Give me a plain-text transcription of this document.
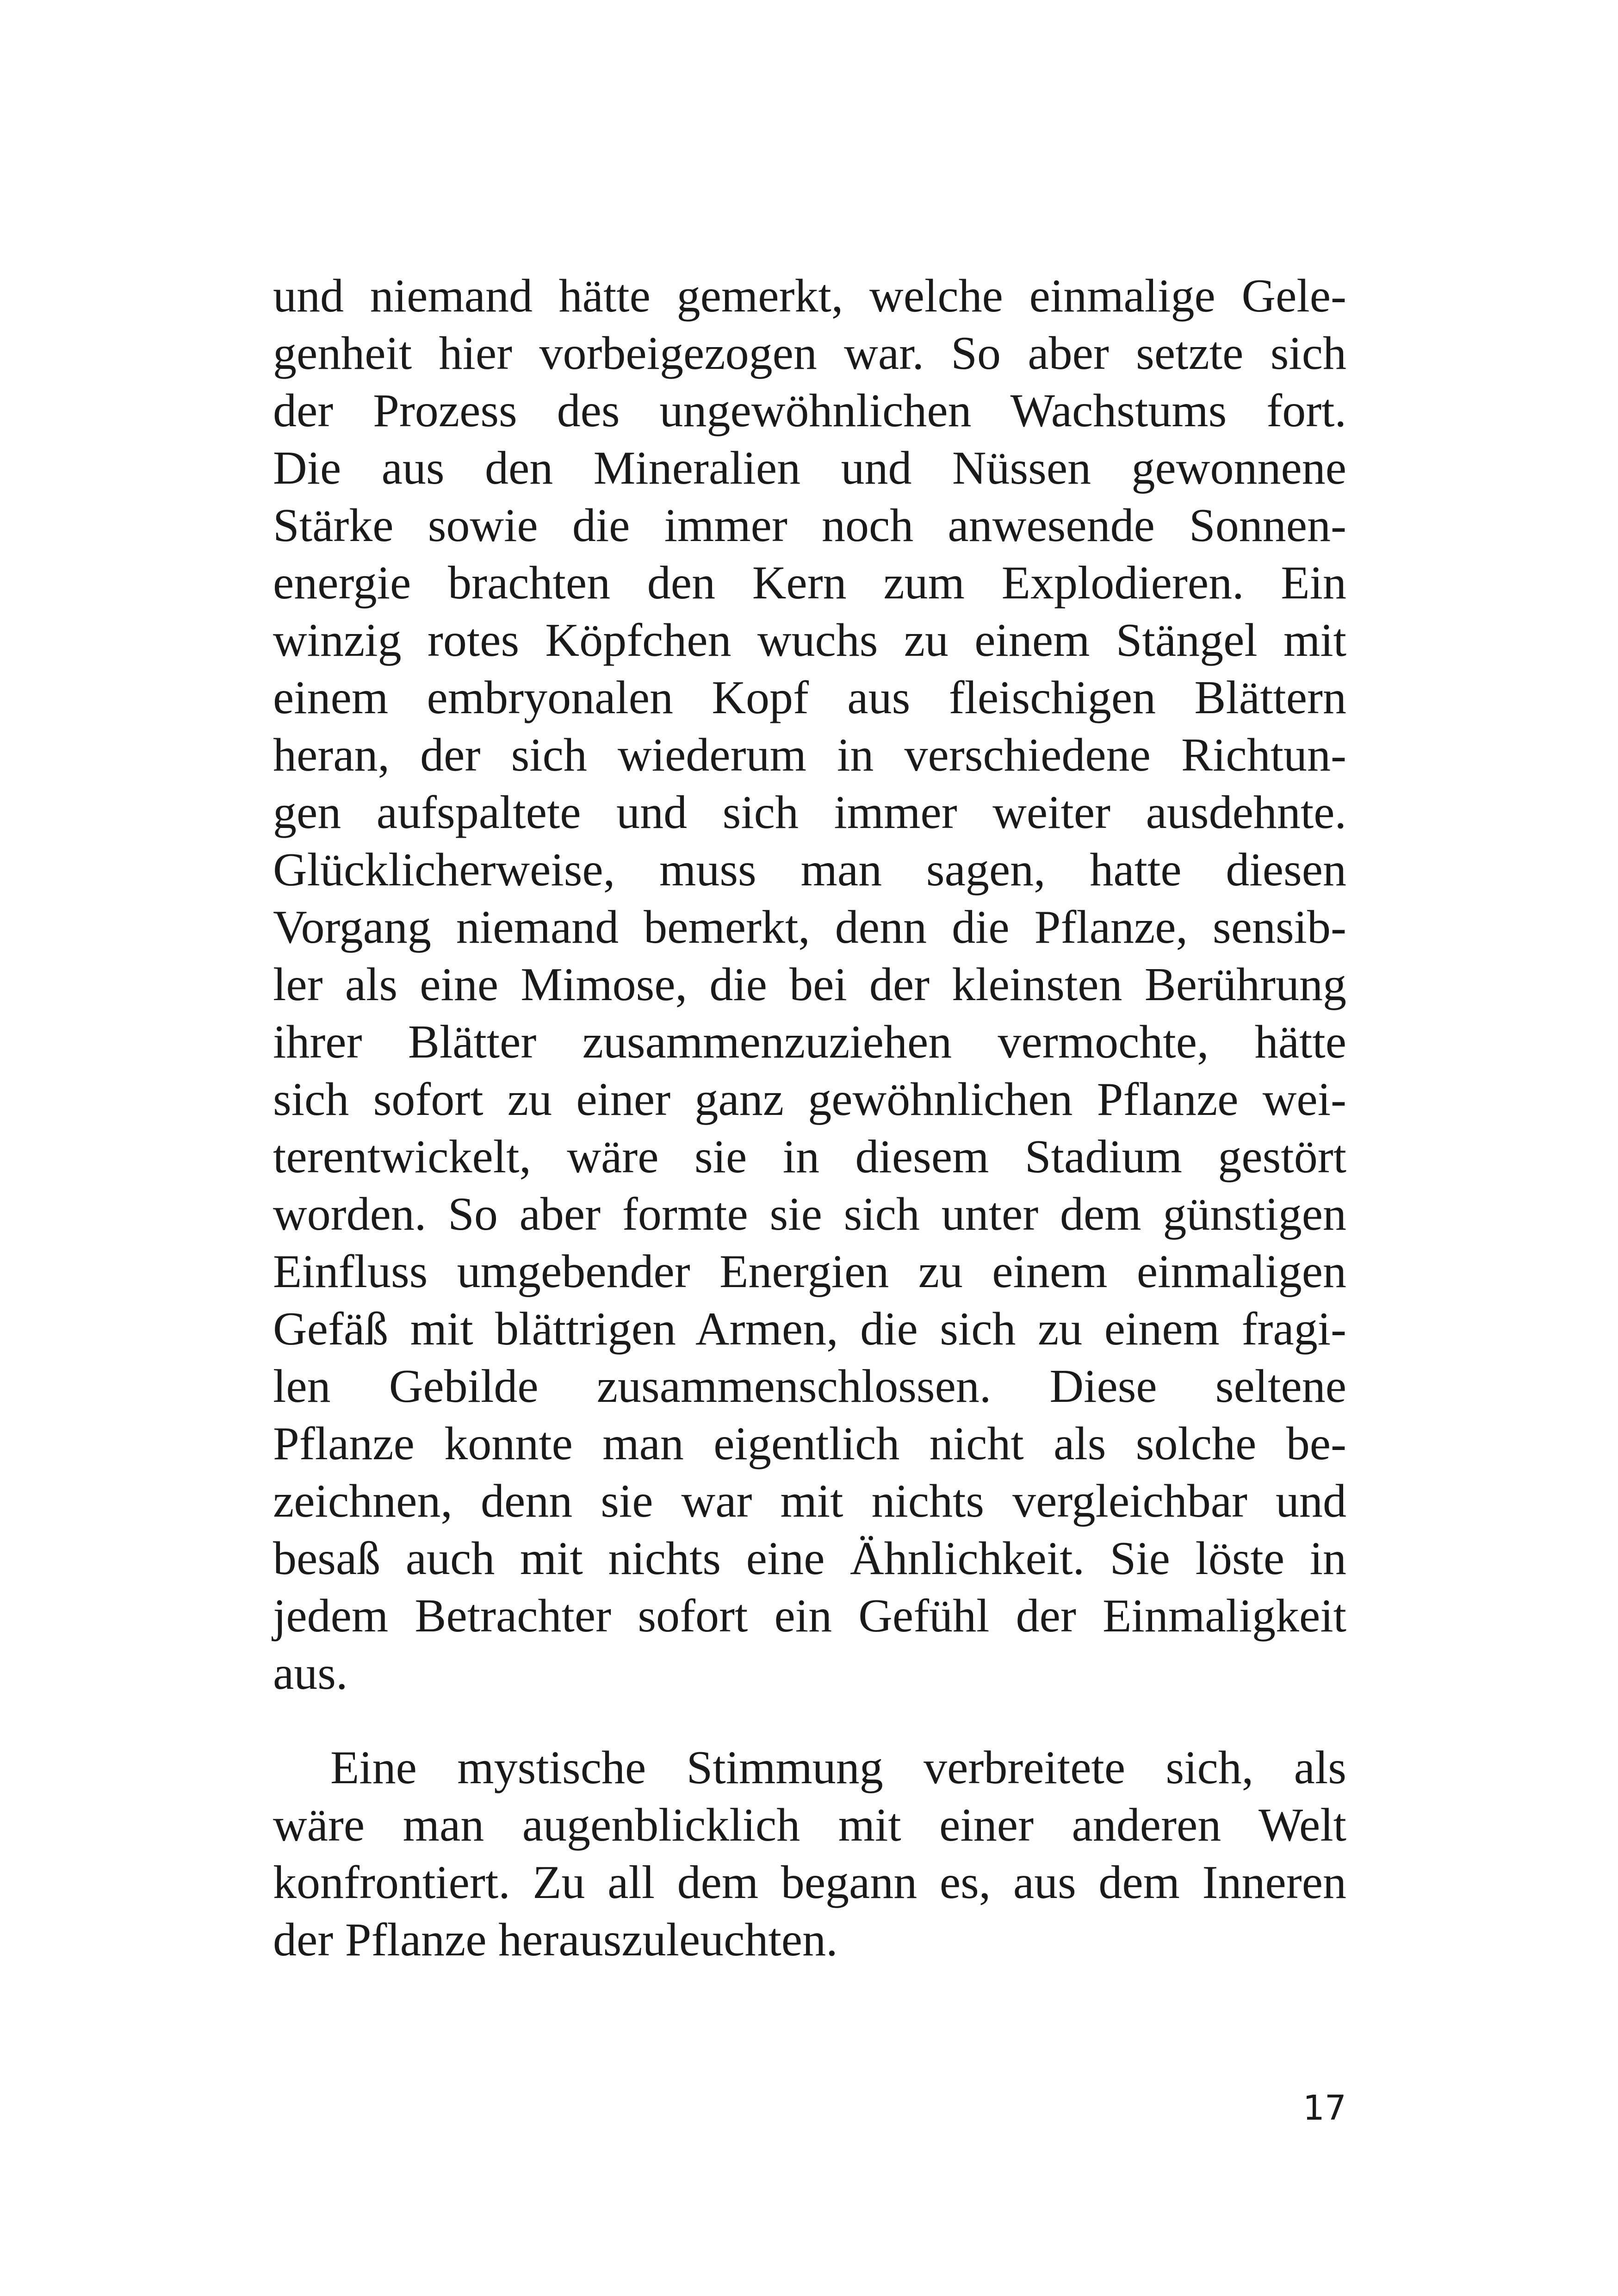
und niemand hätte gemerkt, welche einmalige Gele-
genheit hier vorbeigezogen war. So aber setzte sich
der Prozess des ungewöhnlichen Wachstums fort.
Die aus den Mineralien und Nüssen gewonnene
Stärke sowie die immer noch anwesende Sonnen-
energie brachten den Kern zum Explodieren. Ein
winzig rotes Köpfchen wuchs zu einem Stängel mit
einem embryonalen Kopf aus fleischigen Blättern
heran, der sich wiederum in verschiedene Richtun-
gen aufspaltete und sich immer weiter ausdehnte.
Glücklicherweise, muss man sagen, hatte diesen
Vorgang niemand bemerkt, denn die Pflanze, sensib-
ler als eine Mimose, die bei der kleinsten Berührung
ihrer Blätter zusammenzuziehen vermochte, hätte
sich sofort zu einer ganz gewöhnlichen Pflanze wei-
terentwickelt, wäre sie in diesem Stadium gestört
worden. So aber formte sie sich unter dem günstigen
Einfluss umgebender Energien zu einem einmaligen
Gefäß mit blättrigen Armen, die sich zu einem fragi-
len Gebilde zusammenschlossen. Diese seltene
Pflanze konnte man eigentlich nicht als solche be-
zeichnen, denn sie war mit nichts vergleichbar und
besaß auch mit nichts eine Ähnlichkeit. Sie löste in
jedem Betrachter sofort ein Gefühl der Einmaligkeit
aus.
Eine mystische Stimmung verbreitete sich, als
wäre man augenblicklich mit einer anderen Welt
konfrontiert. Zu all dem begann es, aus dem Inneren
der Pflanze herauszuleuchten.
17
